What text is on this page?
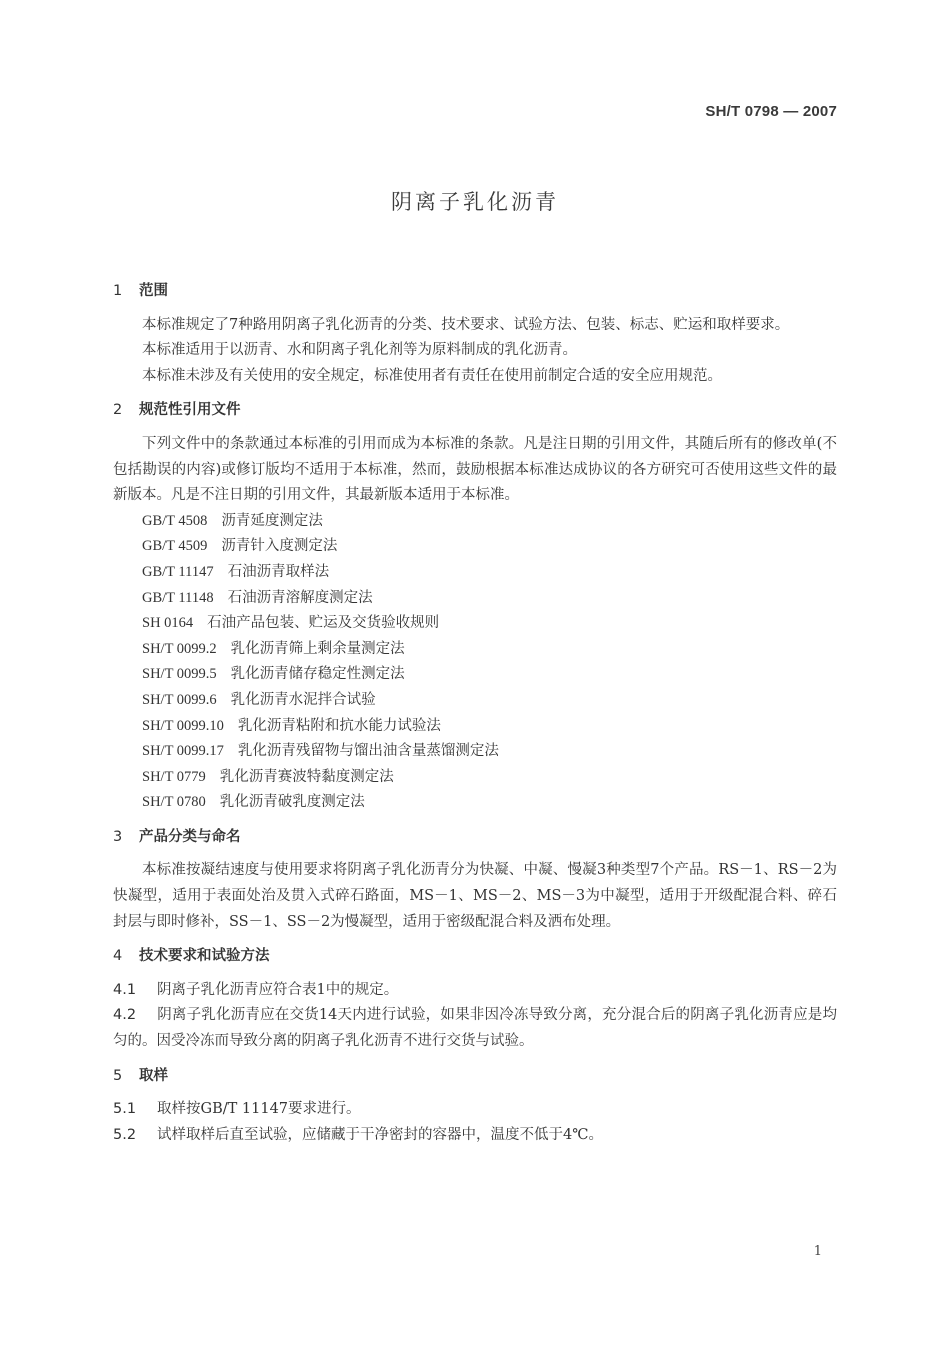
SH/T 0798 — 2007
阴离子乳化沥青
1 范围

本标准规定了7种路用阴离子乳化沥青的分类、技术要求、试验方法、包装、标志、贮运和取样要求。

本标准适用于以沥青、水和阴离子乳化剂等为原料制成的乳化沥青。

本标准未涉及有关使用的安全规定，标准使用者有责任在使用前制定合适的安全应用规范。

2 规范性引用文件

下列文件中的条款通过本标准的引用而成为本标准的条款。凡是注日期的引用文件，其随后所有的修改单(不包括勘误的内容)或修订版均不适用于本标准，然而，鼓励根据本标准达成协议的各方研究可否使用这些文件的最新版本。凡是不注日期的引用文件，其最新版本适用于本标准。

GB/T 4508 沥青延度测定法
GB/T 4509 沥青针入度测定法
GB/T 11147 石油沥青取样法
GB/T 11148 石油沥青溶解度测定法
SH 0164 石油产品包装、贮运及交货验收规则
SH/T 0099.2 乳化沥青筛上剩余量测定法
SH/T 0099.5 乳化沥青储存稳定性测定法
SH/T 0099.6 乳化沥青水泥拌合试验
SH/T 0099.10 乳化沥青粘附和抗水能力试验法
SH/T 0099.17 乳化沥青残留物与馏出油含量蒸馏测定法
SH/T 0779 乳化沥青赛波特黏度测定法
SH/T 0780 乳化沥青破乳度测定法
3 产品分类与命名

本标准按凝结速度与使用要求将阴离子乳化沥青分为快凝、中凝、慢凝3种类型7个产品。RS－1、RS－2为快凝型，适用于表面处治及贯入式碎石路面，MS－1、MS－2、MS－3为中凝型，适用于开级配混合料、碎石封层与即时修补，SS－1、SS－2为慢凝型，适用于密级配混合料及洒布处理。

4 技术要求和试验方法

4.1 阴离子乳化沥青应符合表1中的规定。

4.2 阴离子乳化沥青应在交货14天内进行试验，如果非因冷冻导致分离，充分混合后的阴离子乳化沥青应是均匀的。因受冷冻而导致分离的阴离子乳化沥青不进行交货与试验。

5 取样

5.1 取样按GB/T 11147要求进行。

5.2 试样取样后直至试验，应储藏于干净密封的容器中，温度不低于4℃。

1
